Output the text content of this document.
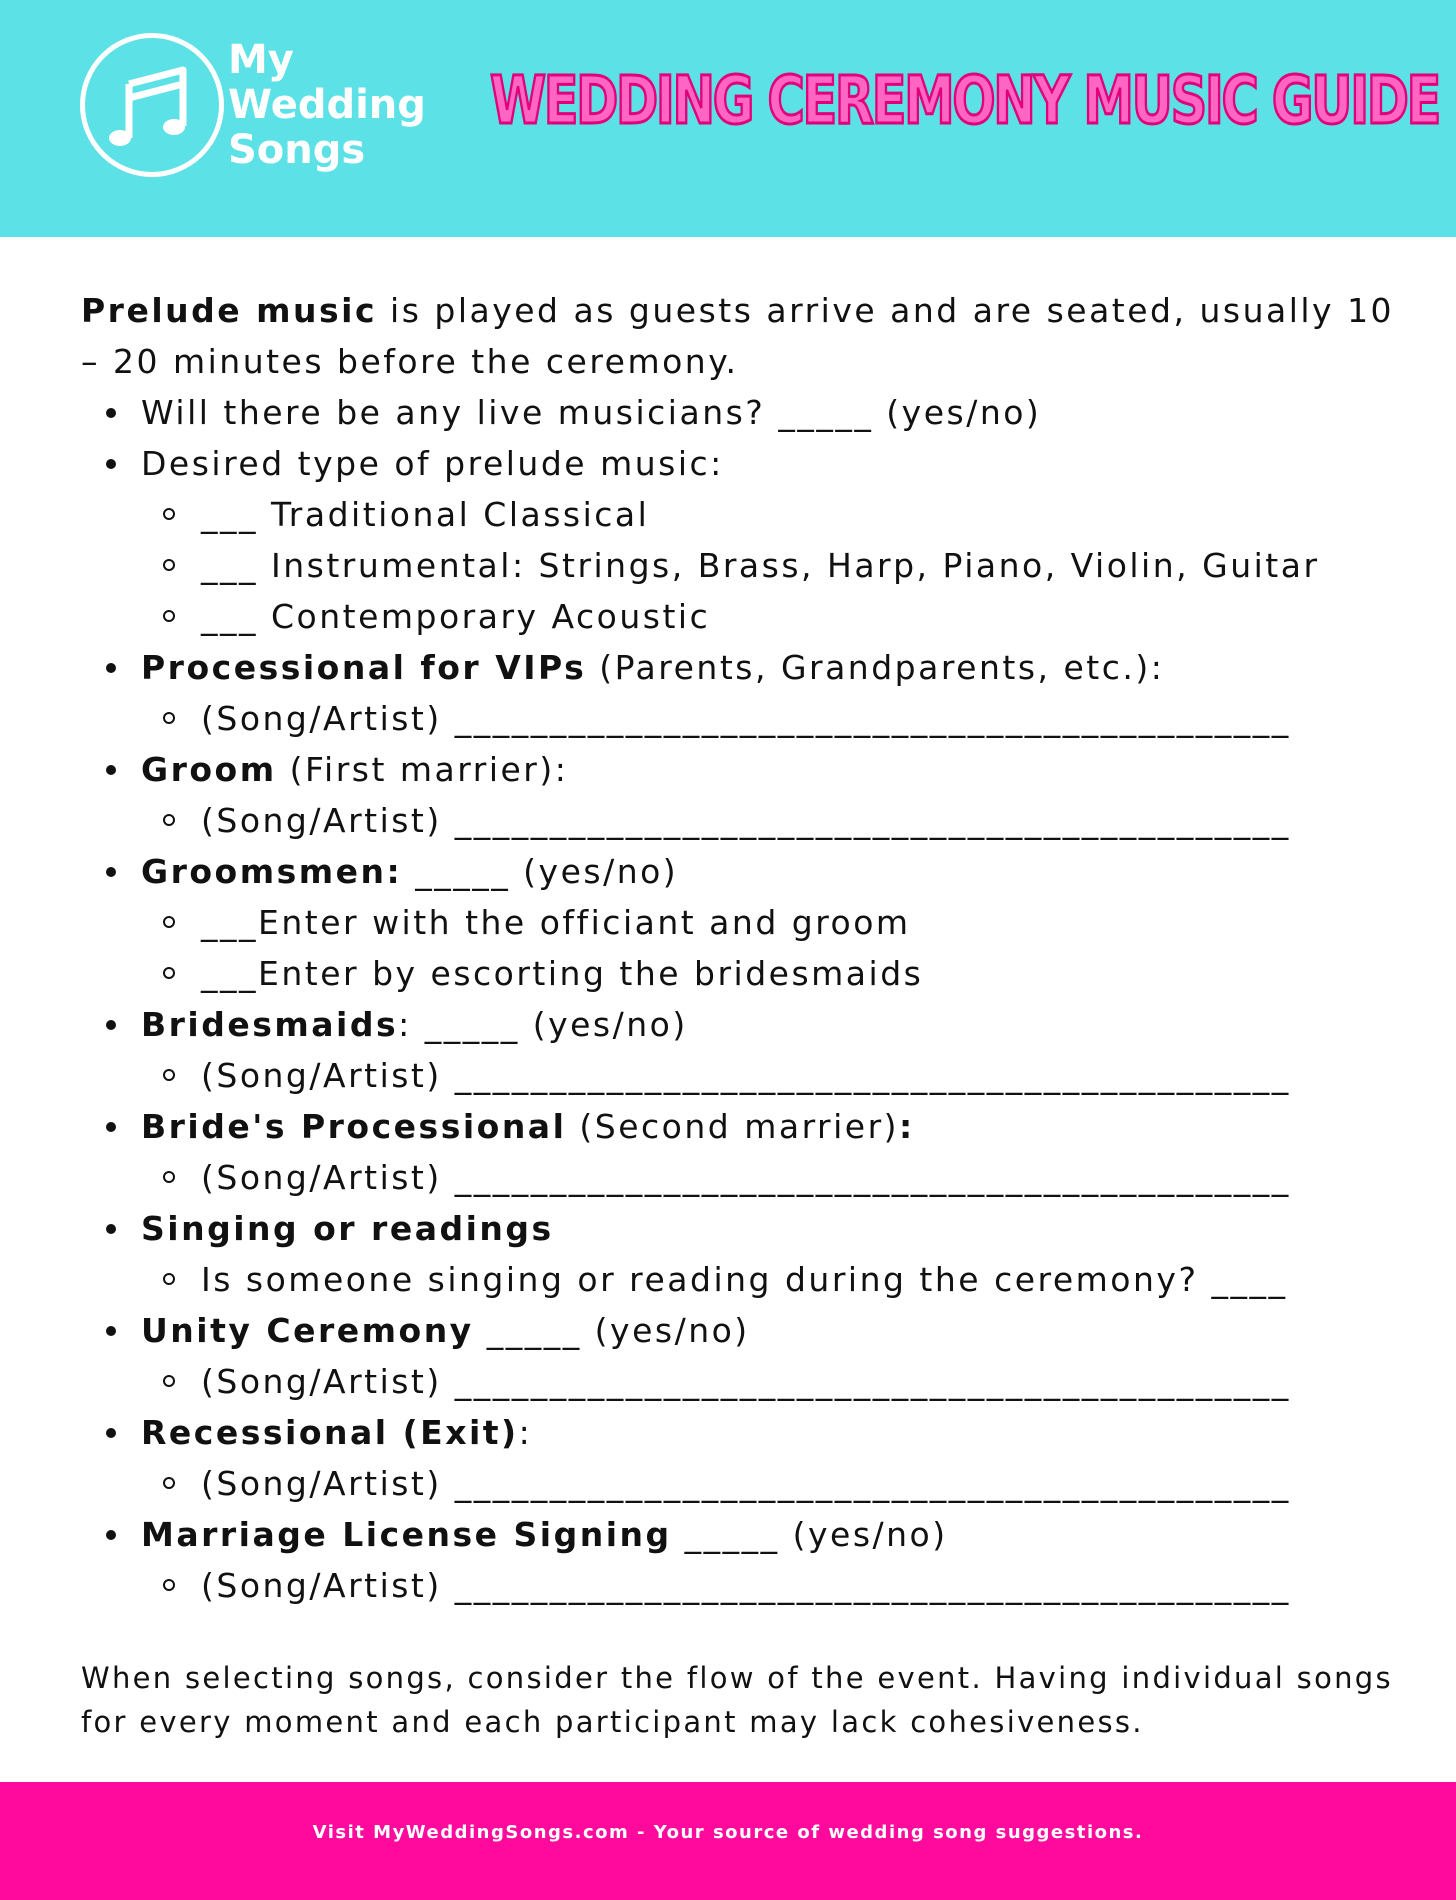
My
Wedding
Songs
WEDDING CEREMONY MUSIC GUIDE

Prelude music is played as guests arrive and are seated, usually 10 – 20 minutes before the ceremony.

Will there be any live musicians? _____ (yes/no)
Desired type of prelude music:
___ Traditional Classical
___ Instrumental: Strings, Brass, Harp, Piano, Violin, Guitar
___ Contemporary Acoustic
Processional for VIPs (Parents, Grandparents, etc.):
(Song/Artist) ____________________________________________
Groom (First marrier):
(Song/Artist) ____________________________________________
Groomsmen: _____ (yes/no)
___Enter with the officiant and groom
___Enter by escorting the bridesmaids
Bridesmaids: _____ (yes/no)
(Song/Artist) ____________________________________________
Bride's Processional (Second marrier):
(Song/Artist) ____________________________________________
Singing or readings
Is someone singing or reading during the ceremony? ____
Unity Ceremony _____ (yes/no)
(Song/Artist) ____________________________________________
Recessional (Exit):
(Song/Artist) ____________________________________________
Marriage License Signing _____ (yes/no)
(Song/Artist) ____________________________________________

When selecting songs, consider the flow of the event. Having individual songs for every moment and each participant may lack cohesiveness.

Visit MyWeddingSongs.com - Your source of wedding song suggestions.
